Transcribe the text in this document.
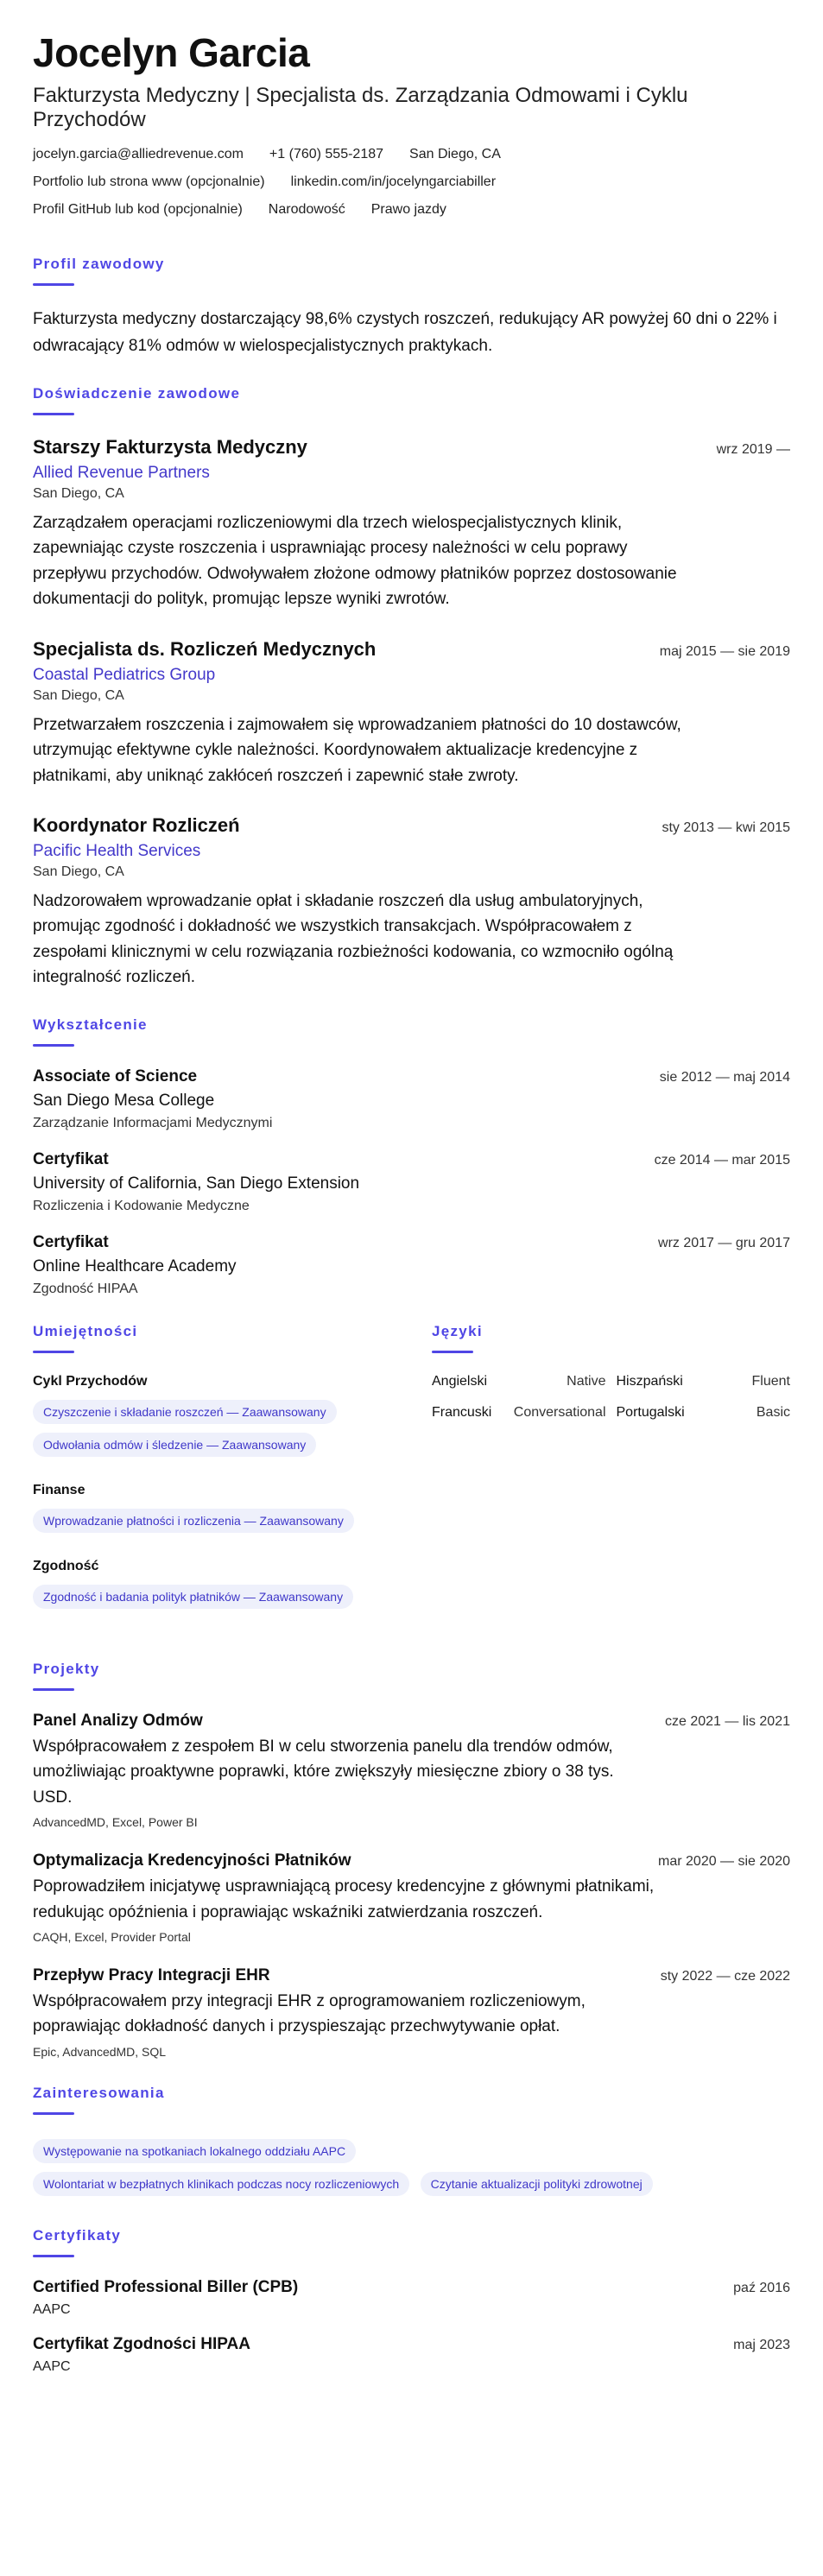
Jocelyn Garcia
Fakturzysta Medyczny | Specjalista ds. Zarządzania Odmowami i Cyklu Przychodów
jocelyn.garcia@alliedrevenue.com +1 (760) 555-2187 San Diego, CA
Portfolio lub strona www (opcjonalnie) linkedin.com/in/jocelyngarciabiller
Profil GitHub lub kod (opcjonalnie) Narodowość Prawo jazdy
Profil zawodowy

Fakturzysta medyczny dostarczający 98,6% czystych roszczeń, redukujący AR powyżej 60 dni o 22% i odwracający 81% odmów w wielospecjalistycznych praktykach.

Doświadczenie zawodowe
Starszy Fakturzysta Medyczny	wrz 2019 —
Allied Revenue Partners
San Diego, CA

Zarządzałem operacjami rozliczeniowymi dla trzech wielospecjalistycznych klinik, zapewniając czyste roszczenia i usprawniając procesy należności w celu poprawy przepływu przychodów. Odwoływałem złożone odmowy płatników poprzez dostosowanie dokumentacji do polityk, promując lepsze wyniki zwrotów.

Specjalista ds. Rozliczeń Medycznych	maj 2015 — sie 2019
Coastal Pediatrics Group
San Diego, CA

Przetwarzałem roszczenia i zajmowałem się wprowadzaniem płatności do 10 dostawców, utrzymując efektywne cykle należności. Koordynowałem aktualizacje kredencyjne z płatnikami, aby uniknąć zakłóceń roszczeń i zapewnić stałe zwroty.

Koordynator Rozliczeń	sty 2013 — kwi 2015
Pacific Health Services
San Diego, CA

Nadzorowałem wprowadzanie opłat i składanie roszczeń dla usług ambulatoryjnych, promując zgodność i dokładność we wszystkich transakcjach. Współpracowałem z zespołami klinicznymi w celu rozwiązania rozbieżności kodowania, co wzmocniło ogólną integralność rozliczeń.

Wykształcenie
Associate of Science	sie 2012 — maj 2014
San Diego Mesa College
Zarządzanie Informacjami Medycznymi
Certyfikat	cze 2014 — mar 2015
University of California, San Diego Extension
Rozliczenia i Kodowanie Medyczne
Certyfikat	wrz 2017 — gru 2017
Online Healthcare Academy
Zgodność HIPAA
Umiejętności
Cykl Przychodów
Czyszczenie i składanie roszczeń — Zaawansowany
Odwołania odmów i śledzenie — Zaawansowany
Finanse
Wprowadzanie płatności i rozliczenia — Zaawansowany
Zgodność
Zgodność i badania polityk płatników — Zaawansowany
Języki
Angielski	Native Hiszpański	Fluent
Francuski Conversational Portugalski	Basic
Projekty
Panel Analizy Odmów	cze 2021 — lis 2021

Współpracowałem z zespołem BI w celu stworzenia panelu dla trendów odmów, umożliwiając proaktywne poprawki, które zwiększyły miesięczne zbiory o 38 tys. USD.

AdvancedMD, Excel, Power BI
Optymalizacja Kredencyjności Płatników	mar 2020 — sie 2020

Poprowadziłem inicjatywę usprawniającą procesy kredencyjne z głównymi płatnikami, redukując opóźnienia i poprawiając wskaźniki zatwierdzania roszczeń.

CAQH, Excel, Provider Portal
Przepływ Pracy Integracji EHR	sty 2022 — cze 2022

Współpracowałem przy integracji EHR z oprogramowaniem rozliczeniowym, poprawiając dokładność danych i przyspieszając przechwytywanie opłat.

Epic, AdvancedMD, SQL
Zainteresowania
Występowanie na spotkaniach lokalnego oddziału AAPC
Wolontariat w bezpłatnych klinikach podczas nocy rozliczeniowych	Czytanie aktualizacji polityki zdrowotnej
Certyfikaty
Certified Professional Biller (CPB)	paź 2016
AAPC
Certyfikat Zgodności HIPAA	maj 2023
AAPC
